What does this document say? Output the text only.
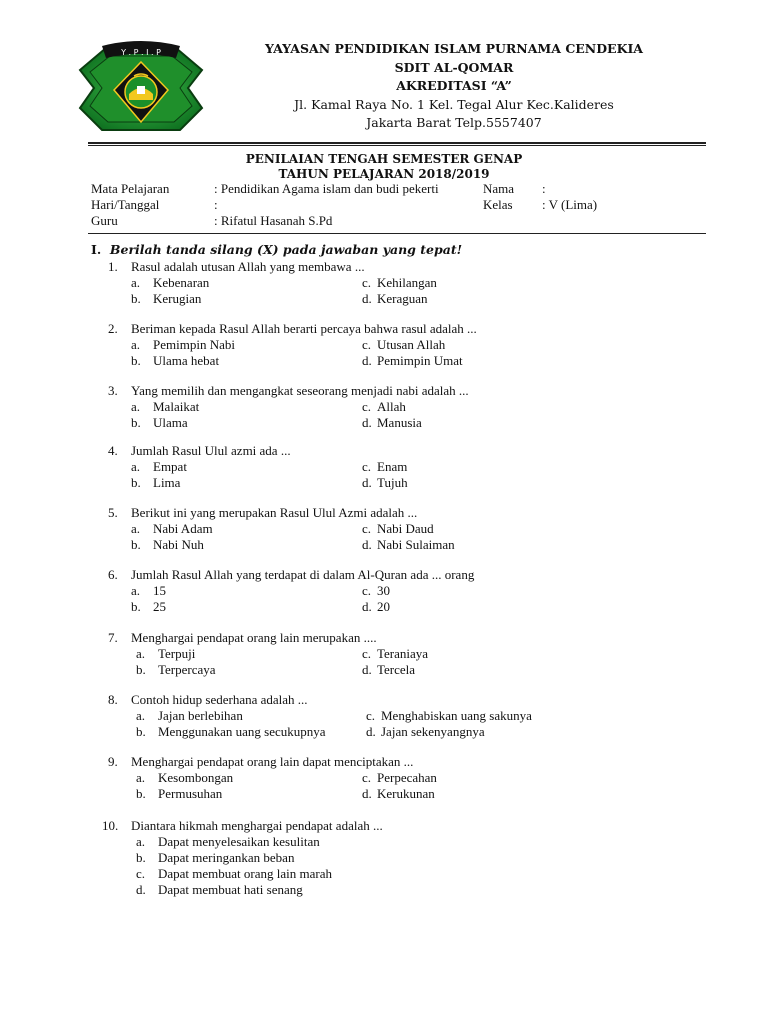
Y . P . I . P	YAYASAN PENDIDIKAN ISLAM PURNAMA CENDEKIA
SDIT AL-QOMAR
AKREDITASI “A”
Jl. Kamal Raya No. 1 Kel. Tegal Alur Kec.Kalideres
Jakarta Barat Telp.5557407
PENILAIAN TENGAH SEMESTER GENAP
TAHUN PELAJARAN 2018/2019
Mata Pelajaran	: Pendidikan Agama islam dan budi pekerti	Nama :
Hari/Tanggal	:	Kelas : V (Lima)
Guru	: Rifatul Hasanah S.Pd
I. Berilah tanda silang (X) pada jawaban yang tepat!
1. Rasul adalah utusan Allah yang membawa ...
a. Kebenaran	c. Kehilangan
b. Kerugian	d. Keraguan
2. Beriman kepada Rasul Allah berarti percaya bahwa rasul adalah ...
a. Pemimpin Nabi	c. Utusan Allah
b. Ulama hebat	d. Pemimpin Umat
3. Yang memilih dan mengangkat seseorang menjadi nabi adalah ...
a. Malaikat	c. Allah
b. Ulama	d. Manusia
4. Jumlah Rasul Ulul azmi ada ...
a. Empat	c. Enam
b. Lima	d. Tujuh
5. Berikut ini yang merupakan Rasul Ulul Azmi adalah ...
a. Nabi Adam	c. Nabi Daud
b. Nabi Nuh	d. Nabi Sulaiman
6. Jumlah Rasul Allah yang terdapat di dalam Al-Quran ada ... orang
a. 15	c. 30
b. 25	d. 20
7. Menghargai pendapat orang lain merupakan ....
a. Terpuji	c. Teraniaya
b. Terpercaya	d. Tercela
8. Contoh hidup sederhana adalah ...
a. Jajan berlebihan	c. Menghabiskan uang sakunya
b. Menggunakan uang secukupnya	d. Jajan sekenyangnya
9. Menghargai pendapat orang lain dapat menciptakan ...
a. Kesombongan	c. Perpecahan
b. Permusuhan	d. Kerukunan
10. Diantara hikmah menghargai pendapat adalah ...
a. Dapat menyelesaikan kesulitan
b. Dapat meringankan beban
c. Dapat membuat orang lain marah
d. Dapat membuat hati senang
